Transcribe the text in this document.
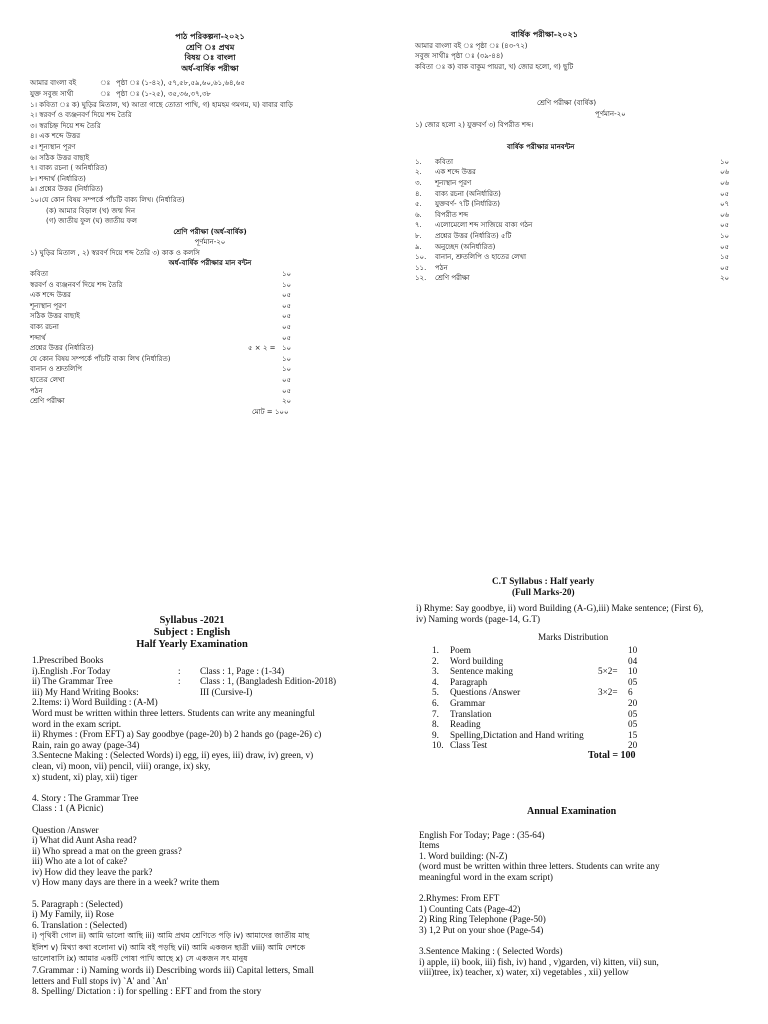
পাঠ পরিকল্পনা-২০২১
শ্রেণি ঃ প্রথম
বিষয় ঃ বাংলা
অর্ধ-বার্ষিক পরীক্ষা
আমার বাংলা বই	ঃ পৃষ্ঠা ঃ (১-৪২), ৫৭,৫৮,৫৯,৬০,৬১,৬৪,৬৫
যুক্ত সবুজ সাথী	ঃ পৃষ্ঠা ঃ (১-২৫), ৩৫,৩৬,৩৭,৩৮
১। কবিতা ঃ ক) ঘুড়ির মিতাল, খ) আতা গাছে তোতা পাখি, গ) হামহম গমগম, ঘ) বাবার বাড়ি
২। স্বরবর্ণ ও ব্যঞ্জনবর্ণ দিয়ে শব্দ তৈরি
৩। স্বরচিহ্ন দিয়ে শব্দ তৈরি
৪। এক শব্দে উত্তর
৫। শূন্যস্থান পূরণ
৬। সঠিক উত্তর বাছাই
৭। বাক্য রচনা ( অনির্ধারিত)
৮। শব্দার্থ (নির্ধারিত)
৯। প্রশ্নের উত্তর (নির্ধারিত)
১০।যে কোন বিষয় সম্পর্কে পাঁচটি বাক্য লিখ। (নির্ধারিত)
(ক) আমার বিড়াল (খ) জন্ম দিন
(গ) জাতীয় ফুল (ঘ) জাতীয় ফল
শ্রেণি পরীক্ষা (অর্ধ-বার্ষিক)
পূর্ণমান-২০
১) ঘুড়ির মিতাল , ২) স্বরবর্ণ দিয়ে শব্দ তৈরি ৩) কাক ও কলসি
অর্ধ-বার্ষিক পরীক্ষার মান বন্টন
কবিতা	১০
স্বরবর্ণ ও ব্যঞ্জনবর্ণ দিয়ে শব্দ তৈরি	১০
এক শব্দে উত্তর	০৫
শূন্যস্থান পূরণ	০৫
সঠিক উত্তর বাছাই	০৫
বাক্য রচনা	০৫
শব্দার্থ	০৫
প্রশ্নের উত্তর (নির্ধারিত)	৫ × ২ = ১০
যে কোন বিষয় সম্পর্কে পাঁচটি বাক্য লিখ (নির্ধারিত)	১০
বানান ও শ্রুতলিপি	১০
হাতের লেখা	০৫
পঠন	০৫
শ্রেণি পরীক্ষা	২০
মোট = ১০০
বার্ষিক পরীক্ষা-২০২১
আমার বাংলা বই ঃ পৃষ্ঠা ঃ (৪৩-৭২)
সবুজ সাথীঃ পৃষ্ঠা ঃ (৩৯-৪৪)
কবিতা ঃ ক) বাক বাকুম পায়রা, খ) জোর হলো, গ) ছুটি
শ্রেণি পরীক্ষা (বার্ষিক)
পূর্ণমান-২০
১) জোর হলো ২) যুক্তবর্ণ ৩) বিপরীত শব্দ।
বার্ষিক পরীক্ষার মানবন্টন
১. কবিতা	১০
২. এক শব্দে উত্তর	০৬
৩. শূন্যস্থান পূরণ	০৬
৪. বাক্য রচনা (অনির্ধারিত)	০৫
৫. যুক্তবর্ণ- ৭টি (নির্ধারিত)	০৭
৬. বিপরীত শব্দ	০৬
৭. এলোমেলো শব্দ সাজিয়ে বাক্য গঠন	০৫
৮. প্রশ্নের উত্তর (নির্ধারিত) ৫টি	১০
৯. অনুচ্ছেদ (অনির্ধারিত)	০৫
১০. বানান, শ্রুতলিপি ও হাতের লেখা	১৫
১১. পঠন	০৫
১২. শ্রেণি পরীক্ষা	২০
Syllabus -2021
Subject : English
Half Yearly Examination
1.Prescribed Books
i).English .For Today	: Class : 1, Page : (1-34)
ii) The Grammar Tree	: Class : 1, (Bangladesh Edition-2018)
iii) My Hand Writing Books:	III (Cursive-I)
2.Items: i) Word Building : (A-M)
Word must be written within three letters. Students can write any meaningful
word in the exam script.
ii) Rhymes : (From EFT) a) Say goodbye (page-20) b) 2 hands go (page-26) c)
Rain, rain go away (page-34)
3.Sentecne Making : (Selected Words) i) egg, ii) eyes, iii) draw, iv) green, v)
clean, vi) moon, vii) pencil, viii) orange, ix) sky,
x) student, xi) play, xii) tiger

4. Story : The Grammar Tree
Class : 1 (A Picnic)

Question /Answer
i) What did Aunt Asha read?
ii) Who spread a mat on the green grass?
iii) Who ate a lot of cake?
iv) How did they leave the park?
v) How many days are there in a week? write them

5. Paragraph : (Selected)
i) My Family, ii) Rose
6. Translation : (Selected)
i) পৃথিবী গোল ii) আমি ভালো আছি iii) আমি প্রথম শ্রেণিতে পড়ি iv) আমাদের জাতীয় মাছ
ইলিশ v) মিথ্যা কথা বলোনা vi) আমি বই পড়ছি vii) আমি একজন ছাত্রী viii) আমি দেশকে
ভালোবাসি ix) আমার একটি পোষা পাখি আছে x) সে একজন সৎ মানুষ
7.Grammar : i) Naming words ii) Describing words iii) Capital letters, Small
letters and Full stops iv) `A' and `An'
8. Spelling/ Dictation : i) for spelling : EFT and from the story
C.T Syllabus : Half yearly
(Full Marks-20)
i) Rhyme: Say goodbye, ii) word Building (A-G),iii) Make sentence; (First 6),
iv) Naming words (page-14, G.T)
Marks Distribution
1. Poem	10
2. Word building	04
3. Sentence making	5×2= 10
4. Paragraph	05
5. Questions /Answer	3×2= 6
6. Grammar	20
7. Translation	05
8. Reading	05
9. Spelling,Dictation and Hand writing	15
10. Class Test	20
Total = 100
Annual Examination
English For Today; Page : (35-64)
Items
1. Word building: (N-Z)
(word must be written within three letters. Students can write any
meaningful word in the exam script)

2.Rhymes: From EFT
1) Counting Cats (Page-42)
2) Ring Ring Telephone (Page-50)
3) 1,2 Put on your shoe (Page-54)

3.Sentence Making : ( Selected Words)
i) apple, ii) book, iii) fish, iv) hand , v)garden, vi) kitten, vii) sun,
viii)tree, ix) teacher, x) water, xi) vegetables , xii) yellow
